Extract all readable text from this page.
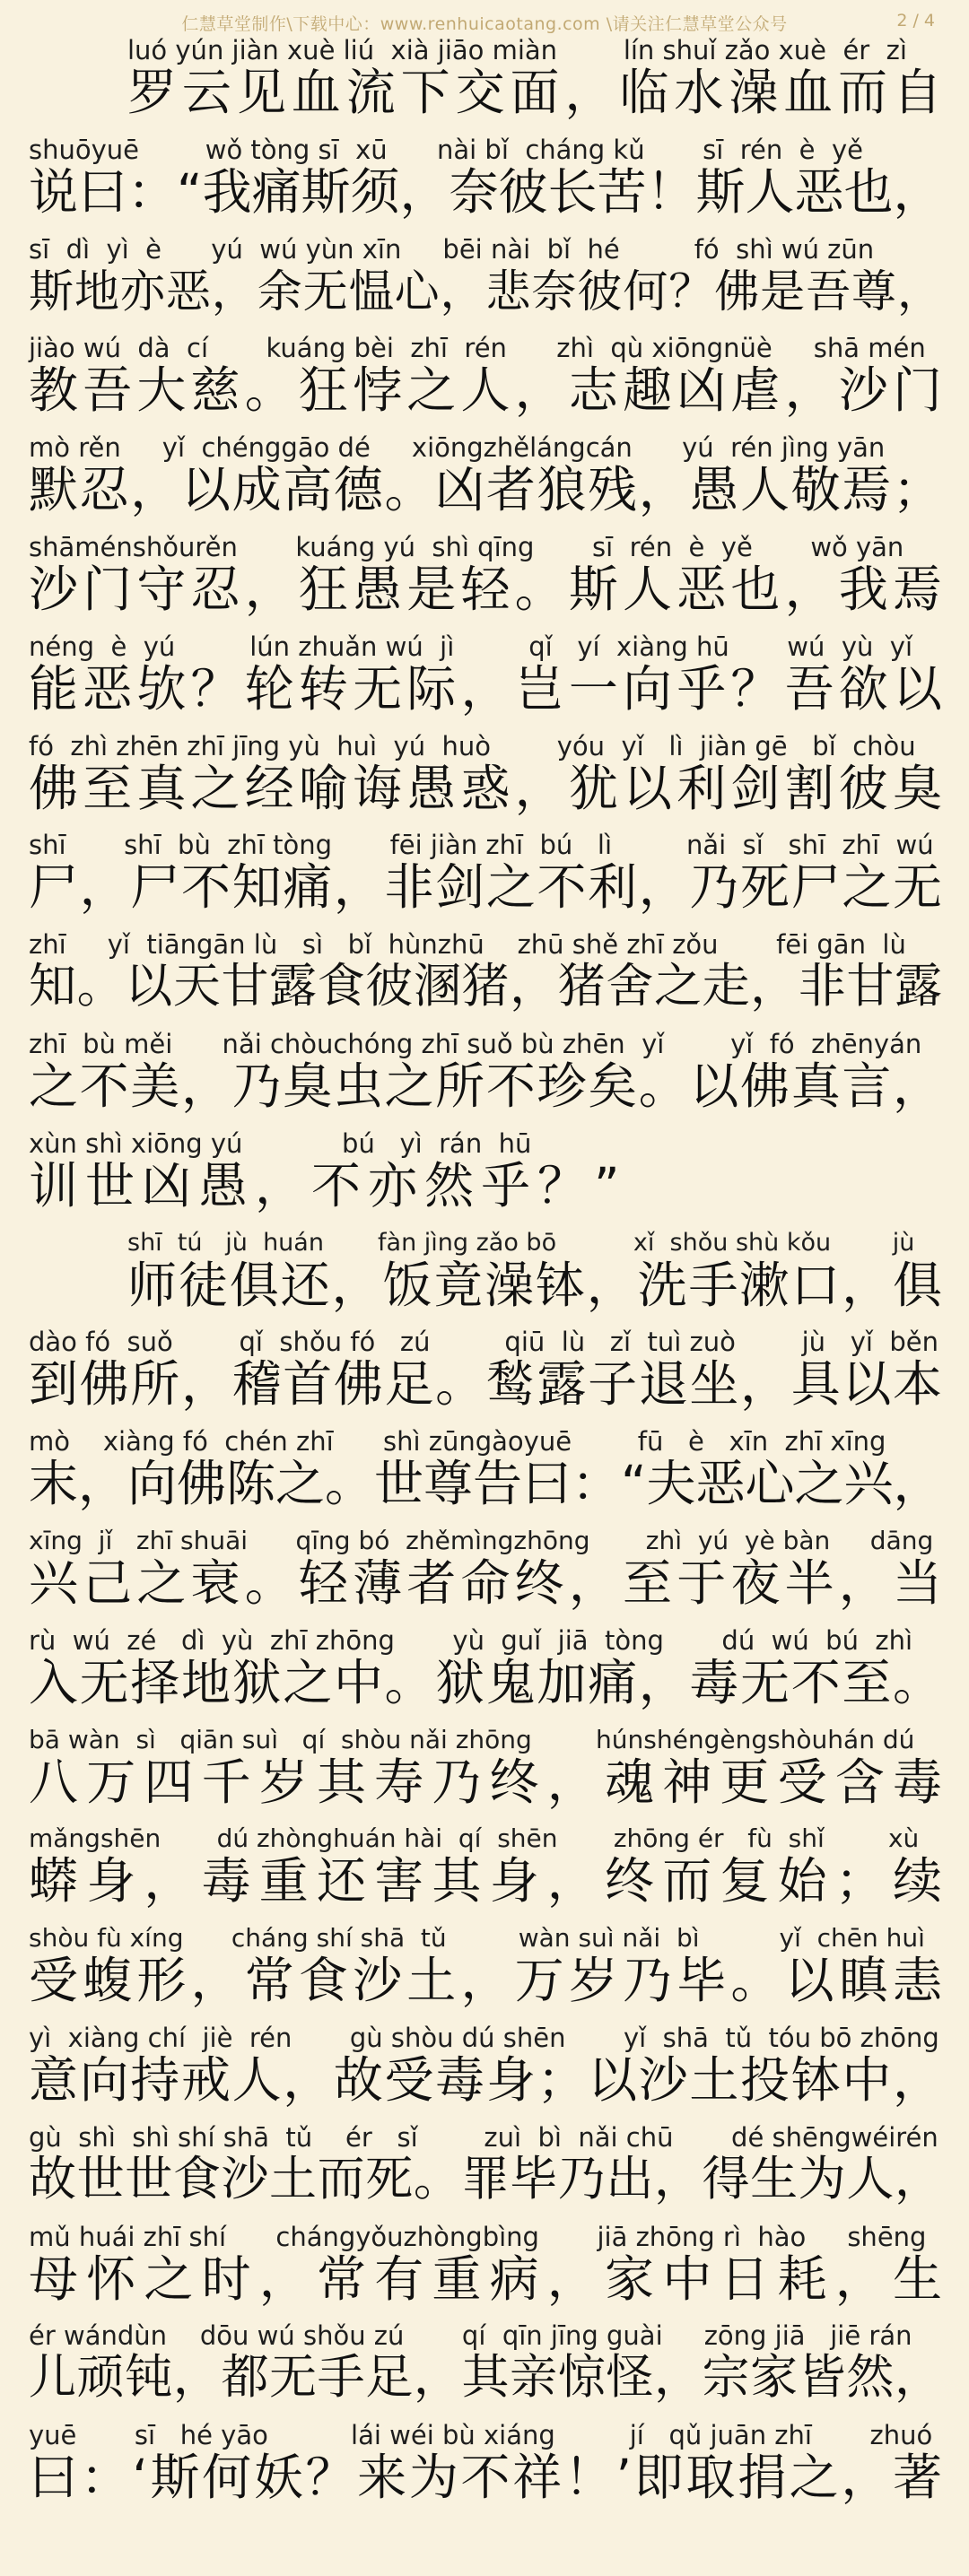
仁慧草堂制作\下载中心：www.renhuicaotang.com \请关注仁慧草堂公众号	2 / 4
luó yún jiàn xuè liú  xià jiāo miàn        lín shuǐ zǎo xuè  ér  zì
罗云见血流下交面，临水澡血而自
shuōyuē        wǒ tòng sī  xū      nài bǐ  cháng kǔ       sī  rén  è  yě
说曰：“我痛斯须，奈彼长苦！斯人恶也，
sī  dì  yì  è      yú  wú yùn xīn     bēi nài  bǐ  hé         fó  shì wú zūn
斯地亦恶，余无愠心，悲奈彼何？佛是吾尊，
jiào wú  dà  cí       kuáng bèi  zhī  rén      zhì  qù xiōngnüè     shā mén
教吾大慈。狂悖之人，志趣凶虐，沙门
mò rěn     yǐ  chénggāo dé     xiōngzhělángcán      yú  rén jìng yān
默忍，以成高德。凶者狼残，愚人敬焉；
shāménshǒurěn       kuáng yú  shì qīng       sī  rén  è  yě       wǒ yān
沙门守忍，狂愚是轻。斯人恶也，我焉
néng  è  yú         lún zhuǎn wú  jì         qǐ   yí  xiàng hū       wú  yù  yǐ
能恶欤？轮转无际，岂一向乎？吾欲以
fó  zhì zhēn zhī jīng yù  huì  yú  huò        yóu  yǐ   lì  jiàn gē   bǐ  chòu
佛至真之经喻诲愚惑，犹以利剑割彼臭
shī       shī  bù  zhī tòng       fēi jiàn zhī  bú   lì         nǎi  sǐ   shī  zhī  wú
尸，尸不知痛，非剑之不利，乃死尸之无
zhī     yǐ  tiāngān lù   sì   bǐ  hùnzhū    zhū shě zhī zǒu       fēi gān  lù
知。以天甘露食彼溷猪，猪舍之走，非甘露
zhī  bù měi      nǎi chòuchóng zhī suǒ bù zhēn  yǐ        yǐ  fó  zhēnyán
之不美，乃臭虫之所不珍矣。以佛真言，
xùn shì xiōng yú            bú   yì  rán  hū
训世凶愚，不亦然乎？”
shī  tú   jù  huán       fàn jìng zǎo bō          xǐ  shǒu shù kǒu        jù
师徒俱还，饭竟澡钵，洗手漱口，俱
dào fó  suǒ        qǐ  shǒu fó   zú         qiū  lù   zǐ  tuì zuò        jù   yǐ  běn
到佛所，稽首佛足。鹙露子退坐，具以本
mò    xiàng fó  chén zhī      shì zūngàoyuē        fū   è   xīn  zhī xīng
末，向佛陈之。世尊告曰：“夫恶心之兴，
xīng  jǐ   zhī shuāi      qīng bó  zhěmìngzhōng       zhì  yú  yè bàn     dāng
兴己之衰。轻薄者命终，至于夜半，当
rù  wú  zé   dì  yù  zhī zhōng       yù  guǐ  jiā  tòng       dú  wú  bú  zhì
入无择地狱之中。狱鬼加痛，毒无不至。
bā wàn  sì   qiān suì   qí  shòu nǎi zhōng        húnshéngèngshòuhán dú
八万四千岁其寿乃终，魂神更受含毒
mǎngshēn       dú zhònghuán hài  qí  shēn       zhōng ér   fù  shǐ        xù
蟒身，毒重还害其身，终而复始；续
shòu fù xíng      cháng shí shā  tǔ         wàn suì nǎi  bì          yǐ  chēn huì
受蝮形，常食沙土，万岁乃毕。以瞋恚
yì  xiàng chí  jiè  rén       gù shòu dú shēn       yǐ  shā  tǔ  tóu bō zhōng
意向持戒人，故受毒身；以沙土投钵中，
gù  shì  shì shí shā  tǔ    ér   sǐ        zuì  bì  nǎi chū       dé shēngwéirén
故世世食沙土而死。罪毕乃出，得生为人，
mǔ huái zhī shí      chángyǒuzhòngbìng       jiā zhōng rì  hào     shēng
母怀之时，常有重病，家中日耗，生
ér wándùn    dōu wú shǒu zú       qí  qīn jīng guài     zōng jiā   jiē rán
儿顽钝，都无手足，其亲惊怪，宗家皆然，
yuē       sī   hé yāo          lái wéi bù xiáng         jí   qǔ juān zhī       zhuó
曰：‘斯何妖？来为不祥！’即取捐之，著
